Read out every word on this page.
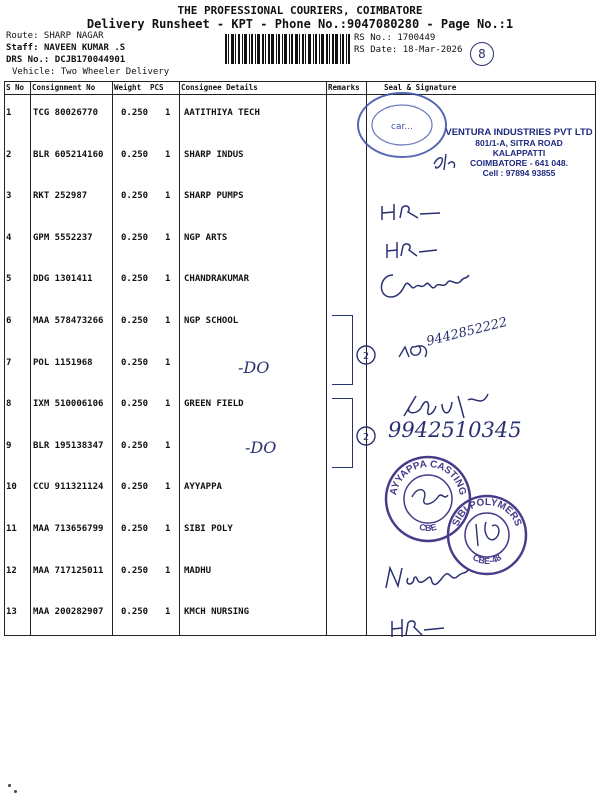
THE PROFESSIONAL COURIERS, COIMBATORE
Delivery Runsheet - KPT - Phone No.:9047080280 - Page No.:1
Route: SHARP NAGAR
Staff: NAVEEN KUMAR .S
DRS No.: DCJB170044901
Vehicle: Two Wheeler Delivery
RS No.: 1700449
RS Date: 18-Mar-2026	8
S No Consignment No	Weight PCS Consignee Details	Remarks	Seal & Signature
1 TCG 80026770	0.250 1 AATITHIYA TECH
2 BLR 605214160 0.250 1 SHARP INDUS
3 RKT 252987	0.250 1 SHARP PUMPS
4 GPM 5552237	0.250 1 NGP ARTS
5 DDG 1301411	0.250 1 CHANDRAKUMAR
6 MAA 578473266 0.250 1 NGP SCHOOL
7 POL 1151968	0.250 1
8 IXM 510006106 0.250 1 GREEN FIELD
9 BLR 195138347 0.250 1
10 CCU 911321124 0.250 1 AYYAPPA
11 MAA 713656799 0.250 1 SIBI POLY
12 MAA 717125011 0.250 1 MADHU
13 MAA 200282907 0.250 1 KMCH NURSING
car...	VENTURA INDUSTRIES PVT LTD
801/1-A, SITRA ROAD
KALAPPATTI
COIMBATORE - 641 048.
Cell : 97894 93855
2
2
-DO
-DO
9442852222
9942510345
AYYAPPA CASTING
CBE SIBI POLYMERS
CBE-48
